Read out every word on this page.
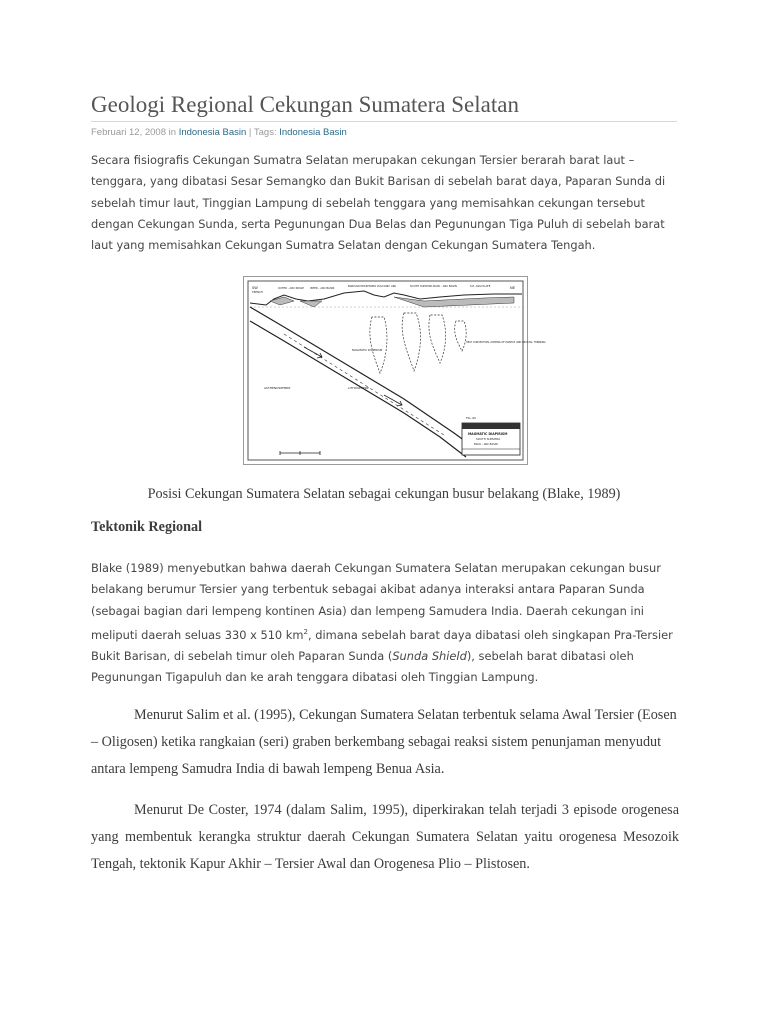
Geologi Regional Cekungan Sumatera Selatan
Februari 12, 2008 in Indonesia Basin | Tags: Indonesia Basin

Secara fisiografis Cekungan Sumatra Selatan merupakan cekungan Tersier berarah barat laut – tenggara, yang dibatasi Sesar Semangko dan Bukit Barisan di sebelah barat daya, Paparan Sunda di sebelah timur laut, Tinggian Lampung di sebelah tenggara yang memisahkan cekungan tersebut dengan Cekungan Sunda, serta Pegunungan Dua Belas dan Pegunungan Tiga Puluh di sebelah barat laut yang memisahkan Cekungan Sumatra Selatan dengan Cekungan Sumatera Tengah.

SW
TRENCH
OUTER - ARC RIDGE INTER - ARC BASIN
BARISAN MOUNTAINS VOLCANIC ARC	SOUTH SUMATRA BACK - ARC BASIN	S.E. ASIA PLATE	NE
MAGMATIC DIAPIRISM
HEAT CONVECTION, DOMING OF MANTLE AND CRUSTAL THINNING
ASTHENOSPHERE	LITHOSPHERE
FIG. 60
MAGMATIC DIAPIRISM
SOUTH SUMATRA
BACK - ARC BASIN
Posisi Cekungan Sumatera Selatan sebagai cekungan busur belakang (Blake, 1989)
Tektonik Regional

Blake (1989) menyebutkan bahwa daerah Cekungan Sumatera Selatan merupakan cekungan busur belakang berumur Tersier yang terbentuk sebagai akibat adanya interaksi antara Paparan Sunda (sebagai bagian dari lempeng kontinen Asia) dan lempeng Samudera India. Daerah cekungan ini meliputi daerah seluas 330 x 510 $km^2$, dimana sebelah barat daya dibatasi oleh singkapan Pra-Tersier Bukit Barisan, di sebelah timur oleh Paparan Sunda (Sunda Shield), sebelah barat dibatasi oleh Pegunungan Tigapuluh dan ke arah tenggara dibatasi oleh Tinggian Lampung.

Menurut Salim et al. (1995), Cekungan Sumatera Selatan terbentuk selama Awal Tersier (Eosen – Oligosen) ketika rangkaian (seri) graben berkembang sebagai reaksi sistem penunjaman menyudut antara lempeng Samudra India di bawah lempeng Benua Asia.

Menurut De Coster, 1974 (dalam Salim, 1995), diperkirakan telah terjadi 3 episode orogenesa yang membentuk kerangka struktur daerah Cekungan Sumatera Selatan yaitu orogenesa Mesozoik Tengah, tektonik Kapur Akhir – Tersier Awal dan Orogenesa Plio – Plistosen.
